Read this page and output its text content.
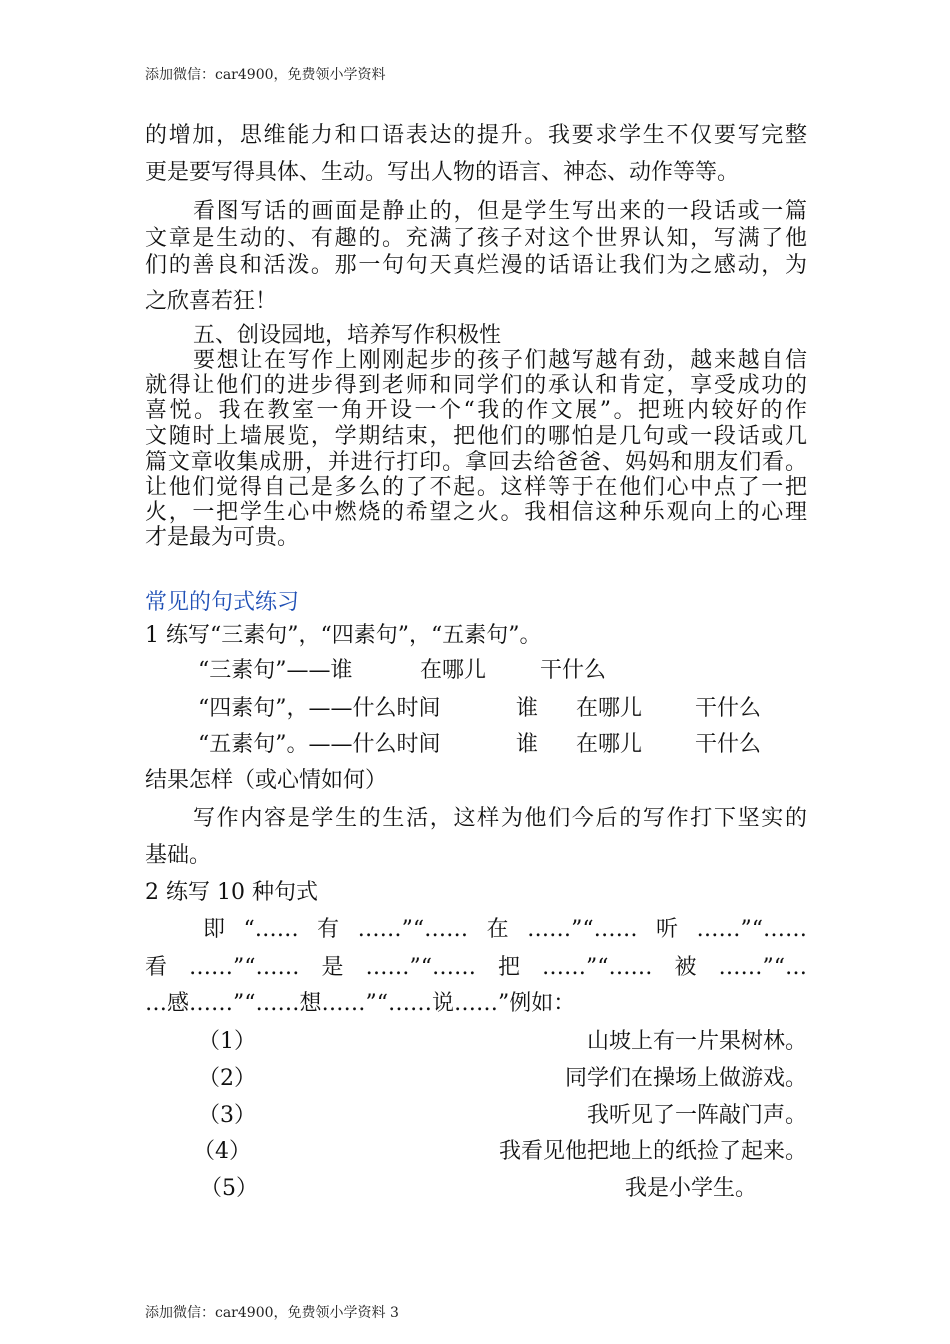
添加微信：car4900，免费领小学资料
的增加，思维能力和口语表达的提升。我要求学生不仅要写完整
更是要写得具体、生动。写出人物的语言、神态、动作等等。
看图写话的画面是静止的，但是学生写出来的一段话或一篇
文章是生动的、有趣的。充满了孩子对这个世界认知，写满了他
们的善良和活泼。那一句句天真烂漫的话语让我们为之感动，为
之欣喜若狂！
五、创设园地，培养写作积极性
要想让在写作上刚刚起步的孩子们越写越有劲，越来越自信
就得让他们的进步得到老师和同学们的承认和肯定，享受成功的
喜悦。我在教室一角开设一个“我的作文展”。把班内较好的作
文随时上墙展览，学期结束，把他们的哪怕是几句或一段话或几
篇文章收集成册，并进行打印。拿回去给爸爸、妈妈和朋友们看。
让他们觉得自己是多么的了不起。这样等于在他们心中点了一把
火，一把学生心中燃烧的希望之火。我相信这种乐观向上的心理
才是最为可贵。
常见的句式练习
1 练写“三素句”，“四素句”，“五素句”。
“三素句”——谁	在哪儿 干什么
“四素句”，——什么时间	谁 在哪儿 干什么
“五素句”。——什么时间	谁 在哪儿 干什么
结果怎样（或心情如何）
写作内容是学生的生活，这样为他们今后的写作打下坚实的
基础。
2 练写 10 种句式
即“……有……”“……在……”“……听……”“……
看……”“……是……”“……把……”“……被……”“…
…感……”“……想……”“……说……”例如：
（1）	山坡上有一片果树林。
（2）	同学们在操场上做游戏。
（3）	我听见了一阵敲门声。
（4）	我看见他把地上的纸捡了起来。
（5）	我是小学生。
添加微信：car4900，免费领小学资料 3
